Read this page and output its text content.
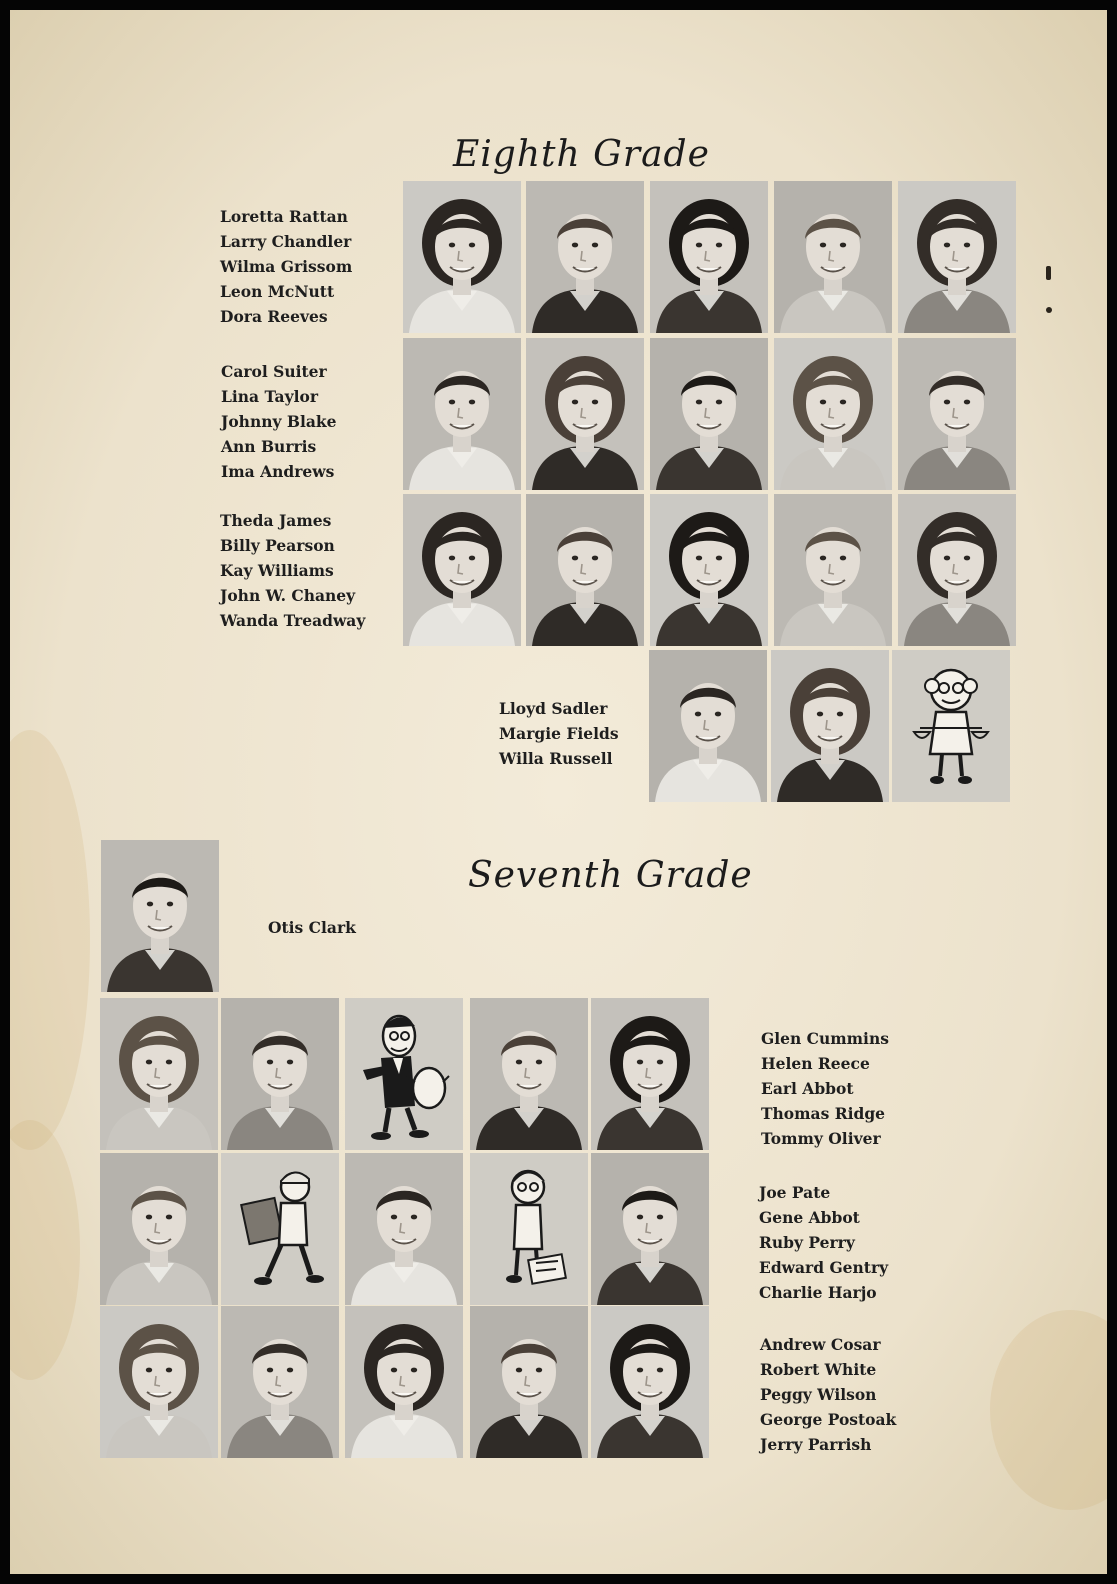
Eighth Grade
Loretta Rattan
Larry Chandler
Wilma Grissom
Leon McNutt
Dora Reeves
Carol Suiter
Lina Taylor
Johnny Blake
Ann Burris
Ima Andrews
Theda James
Billy Pearson
Kay Williams
John W. Chaney
Wanda Treadway
Lloyd Sadler
Margie Fields
Willa Russell
Seventh Grade
Otis Clark
Glen Cummins
Helen Reece
Earl Abbot
Thomas Ridge
Tommy Oliver
Joe Pate
Gene Abbot
Ruby Perry
Edward Gentry
Charlie Harjo
Andrew Cosar
Robert White
Peggy Wilson
George Postoak
Jerry Parrish
